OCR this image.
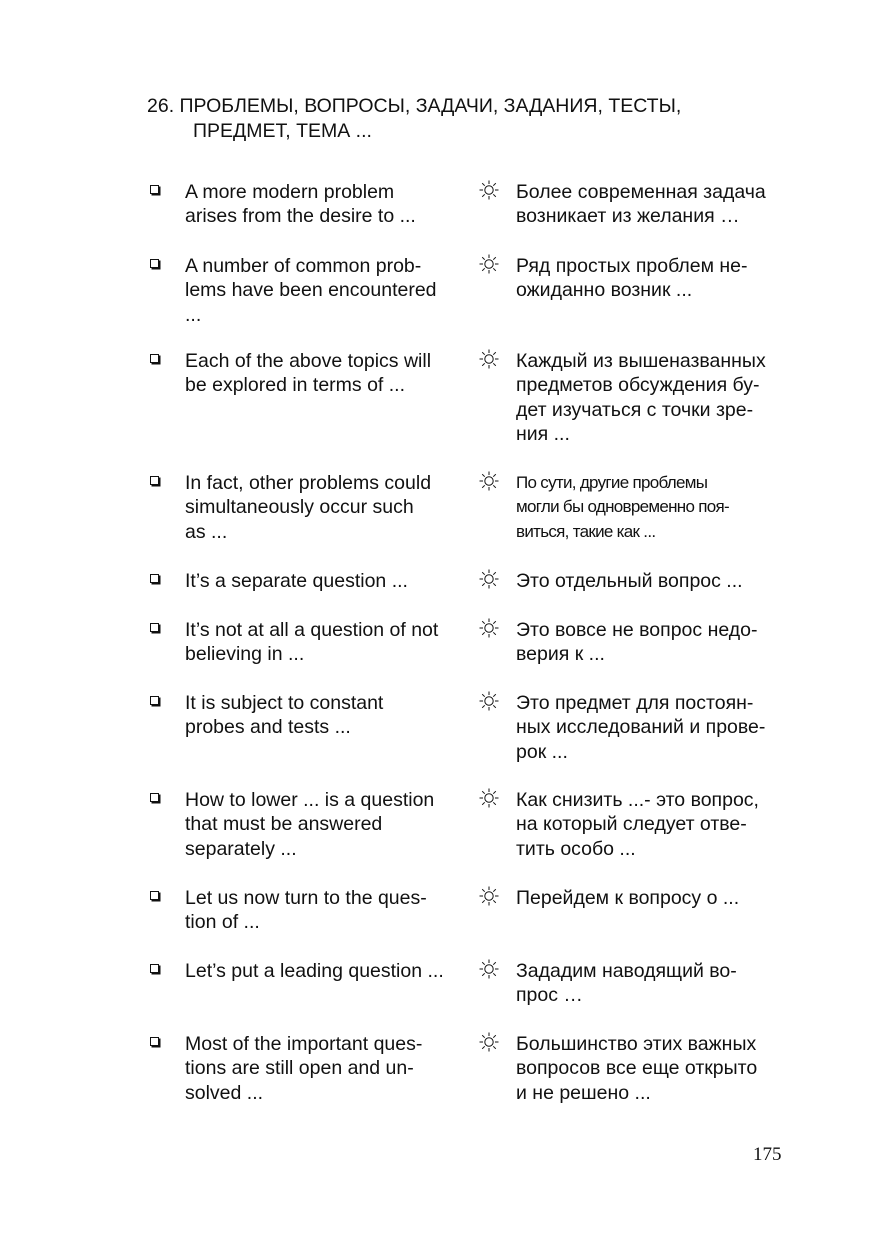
26. ПРОБЛЕМЫ, ВОПРОСЫ, ЗАДАЧИ, ЗАДАНИЯ, ТЕСТЫ,
ПРЕДМЕТ, ТЕМА ...
A more modern problem
arises from the desire to ...
Более современная задача
возникает из желания …
A number of common prob-
lems have been encountered
...
Ряд простых проблем не-
ожиданно возник ...
Each of the above topics will
be explored in terms of ...
Каждый из вышеназванных
предметов обсуждения бу-
дет изучаться с точки зре-
ния ...
In fact, other problems could
simultaneously occur such
as ...
По сути, другие проблемы
могли бы одновременно поя-
виться, такие как ...
It’s a separate question ...	Это отдельный вопрос ...
It’s not at all a question of not
believing in ...
Это вовсе не вопрос недо-
верия к ...
It is subject to constant
probes and tests ...
Это предмет для постоян-
ных исследований и прове-
рок ...
How to lower ... is a question
that must be answered
separately ...
Как снизить ...- это вопрос,
на который следует отве-
тить особо ...
Let us now turn to the ques-
tion of ...
Перейдем к вопросу о ...
Let’s put a leading question ...	Зададим наводящий во-
прос …
Most of the important ques-
tions are still open and un-
solved ...
Большинство этих важных
вопросов все еще открыто
и не решено ...
175
